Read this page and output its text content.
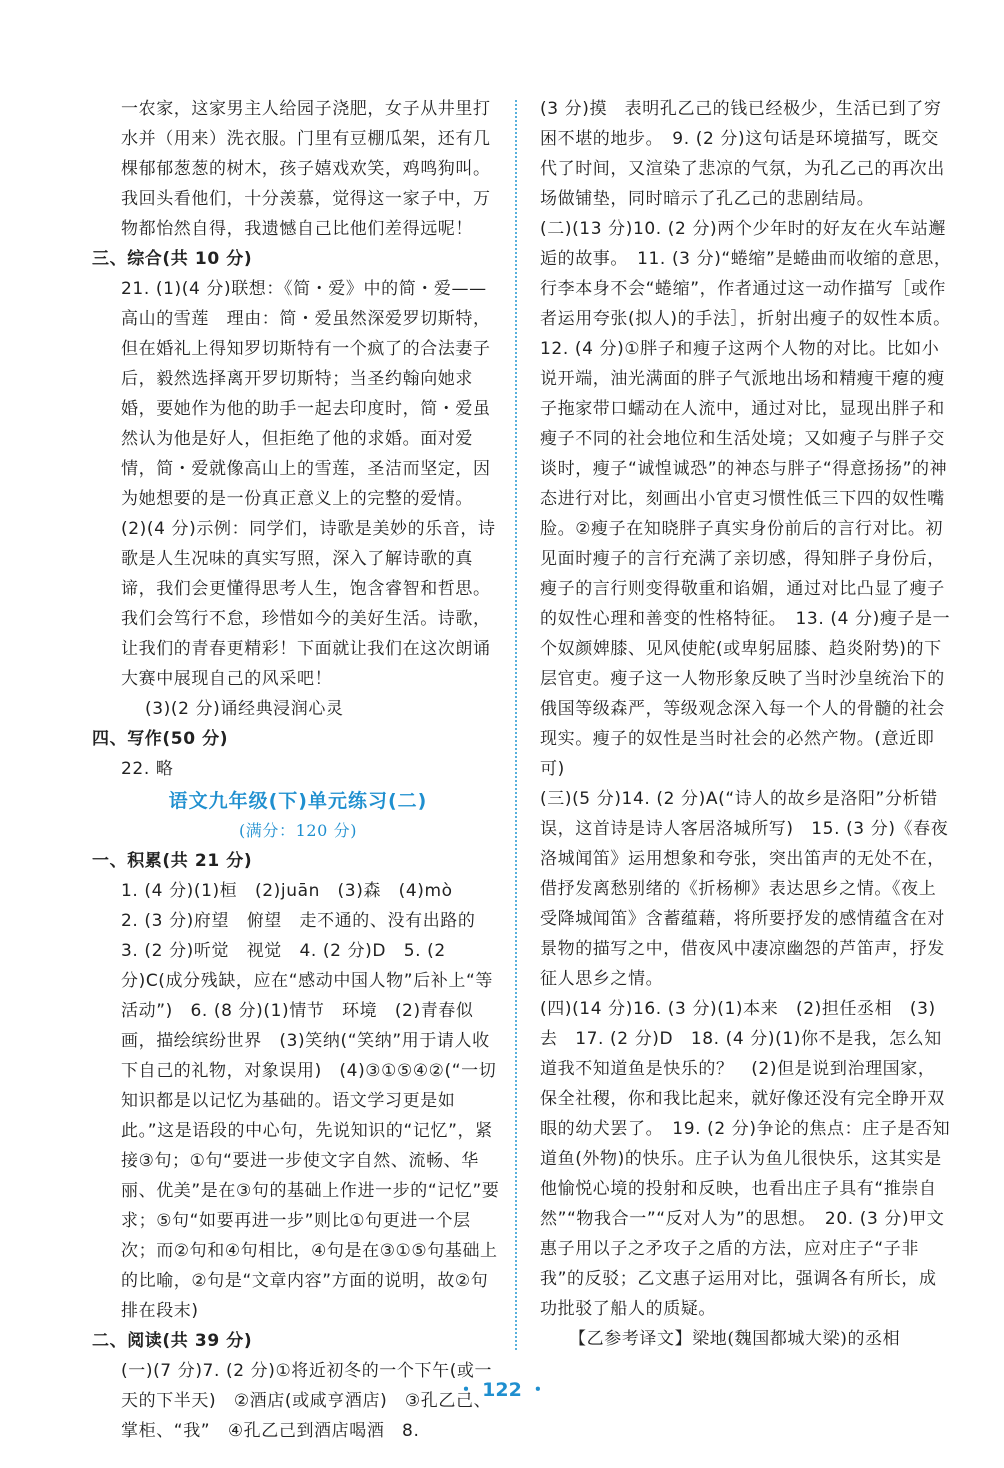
一农家，这家男主人给园子浇肥，女子从井里打水并（用来）洗衣服。门里有豆棚瓜架，还有几棵郁郁葱葱的树木，孩子嬉戏欢笑，鸡鸣狗叫。我回头看他们，十分羡慕，觉得这一家子中，万物都怡然自得，我遗憾自己比他们差得远呢！

三、综合(共 10 分)

21. (1)(4 分)联想：《简・爱》中的简・爱——高山的雪莲　理由：简・爱虽然深爱罗切斯特，但在婚礼上得知罗切斯特有一个疯了的合法妻子后，毅然选择离开罗切斯特；当圣约翰向她求婚，要她作为他的助手一起去印度时，简・爱虽然认为他是好人，但拒绝了他的求婚。面对爱情，简・爱就像高山上的雪莲，圣洁而坚定，因为她想要的是一份真正意义上的完整的爱情。　(2)(4 分)示例：同学们，诗歌是美妙的乐音，诗歌是人生况味的真实写照，深入了解诗歌的真谛，我们会更懂得思考人生，饱含睿智和哲思。我们会笃行不怠，珍惜如今的美好生活。诗歌，让我们的青春更精彩！下面就让我们在这次朗诵大赛中展现自己的风采吧！

(3)(2 分)诵经典浸润心灵

四、写作(50 分)

22. 略

语文九年级(下)单元练习(二)
(满分：120 分)

一、积累(共 21 分)

1. (4 分)(1)桓　(2)juān　(3)森　(4)mò

2. (3 分)府望　俯望　走不通的、没有出路的

3. (2 分)听觉　视觉　4. (2 分)D　5. (2 分)C(成分残缺，应在“感动中国人物”后补上“等活动”)　6. (8 分)(1)情节　环境　(2)青春似画，描绘缤纷世界　(3)笑纳(“笑纳”用于请人收下自己的礼物，对象误用)　(4)③①⑤④②(“一切知识都是以记忆为基础的。语文学习更是如此。”这是语段的中心句，先说知识的“记忆”，紧接③句；①句“要进一步使文字自然、流畅、华丽、优美”是在③句的基础上作进一步的“记忆”要求；⑤句“如要再进一步”则比①句更进一个层次；而②句和④句相比，④句是在③①⑤句基础上的比喻，②句是“文章内容”方面的说明，故②句排在段末)

二、阅读(共 39 分)

(一)(7 分)7. (2 分)①将近初冬的一个下午(或一天的下半天)　②酒店(或咸亨酒店)　③孔乙己、掌柜、“我”　④孔乙己到酒店喝酒　8.

(3 分)摸　表明孔乙己的钱已经极少，生活已到了穷困不堪的地步。　9. (2 分)这句话是环境描写，既交代了时间，又渲染了悲凉的气氛，为孔乙己的再次出场做铺垫，同时暗示了孔乙己的悲剧结局。

(二)(13 分)10. (2 分)两个少年时的好友在火车站邂逅的故事。　11. (3 分)“蜷缩”是蜷曲而收缩的意思，行李本身不会“蜷缩”，作者通过这一动作描写［或作者运用夸张(拟人)的手法］，折射出瘦子的奴性本质。　12. (4 分)①胖子和瘦子这两个人物的对比。比如小说开端，油光满面的胖子气派地出场和精瘦干瘪的瘦子拖家带口蠕动在人流中，通过对比，显现出胖子和瘦子不同的社会地位和生活处境；又如瘦子与胖子交谈时，瘦子“诚惶诚恐”的神态与胖子“得意扬扬”的神态进行对比，刻画出小官吏习惯性低三下四的奴性嘴脸。②瘦子在知晓胖子真实身份前后的言行对比。初见面时瘦子的言行充满了亲切感，得知胖子身份后，瘦子的言行则变得敬重和谄媚，通过对比凸显了瘦子的奴性心理和善变的性格特征。　13. (4 分)瘦子是一个奴颜婢膝、见风使舵(或卑躬屈膝、趋炎附势)的下层官吏。瘦子这一人物形象反映了当时沙皇统治下的俄国等级森严，等级观念深入每一个人的骨髓的社会现实。瘦子的奴性是当时社会的必然产物。(意近即可)

(三)(5 分)14. (2 分)A(“诗人的故乡是洛阳”分析错误，这首诗是诗人客居洛城所写)　15. (3 分)《春夜洛城闻笛》运用想象和夸张，突出笛声的无处不在，借抒发离愁别绪的《折杨柳》表达思乡之情。《夜上受降城闻笛》含蓄蕴藉，将所要抒发的感情蕴含在对景物的描写之中，借夜风中凄凉幽怨的芦笛声，抒发征人思乡之情。

(四)(14 分)16. (3 分)(1)本来　(2)担任丞相　(3)去　17. (2 分)D　18. (4 分)(1)你不是我，怎么知道我不知道鱼是快乐的？　(2)但是说到治理国家，保全社稷，你和我比起来，就好像还没有完全睁开双眼的幼犬罢了。　19. (2 分)争论的焦点：庄子是否知道鱼(外物)的快乐。庄子认为鱼儿很快乐，这其实是他愉悦心境的投射和反映，也看出庄子具有“推崇自然”“物我合一”“反对人为”的思想。　20. (3 分)甲文惠子用以子之矛攻子之盾的方法，应对庄子“子非我”的反驳；乙文惠子运用对比，强调各有所长，成功批驳了船人的质疑。

【乙参考译文】梁地(魏国都城大梁)的丞相

・ 122 ・
